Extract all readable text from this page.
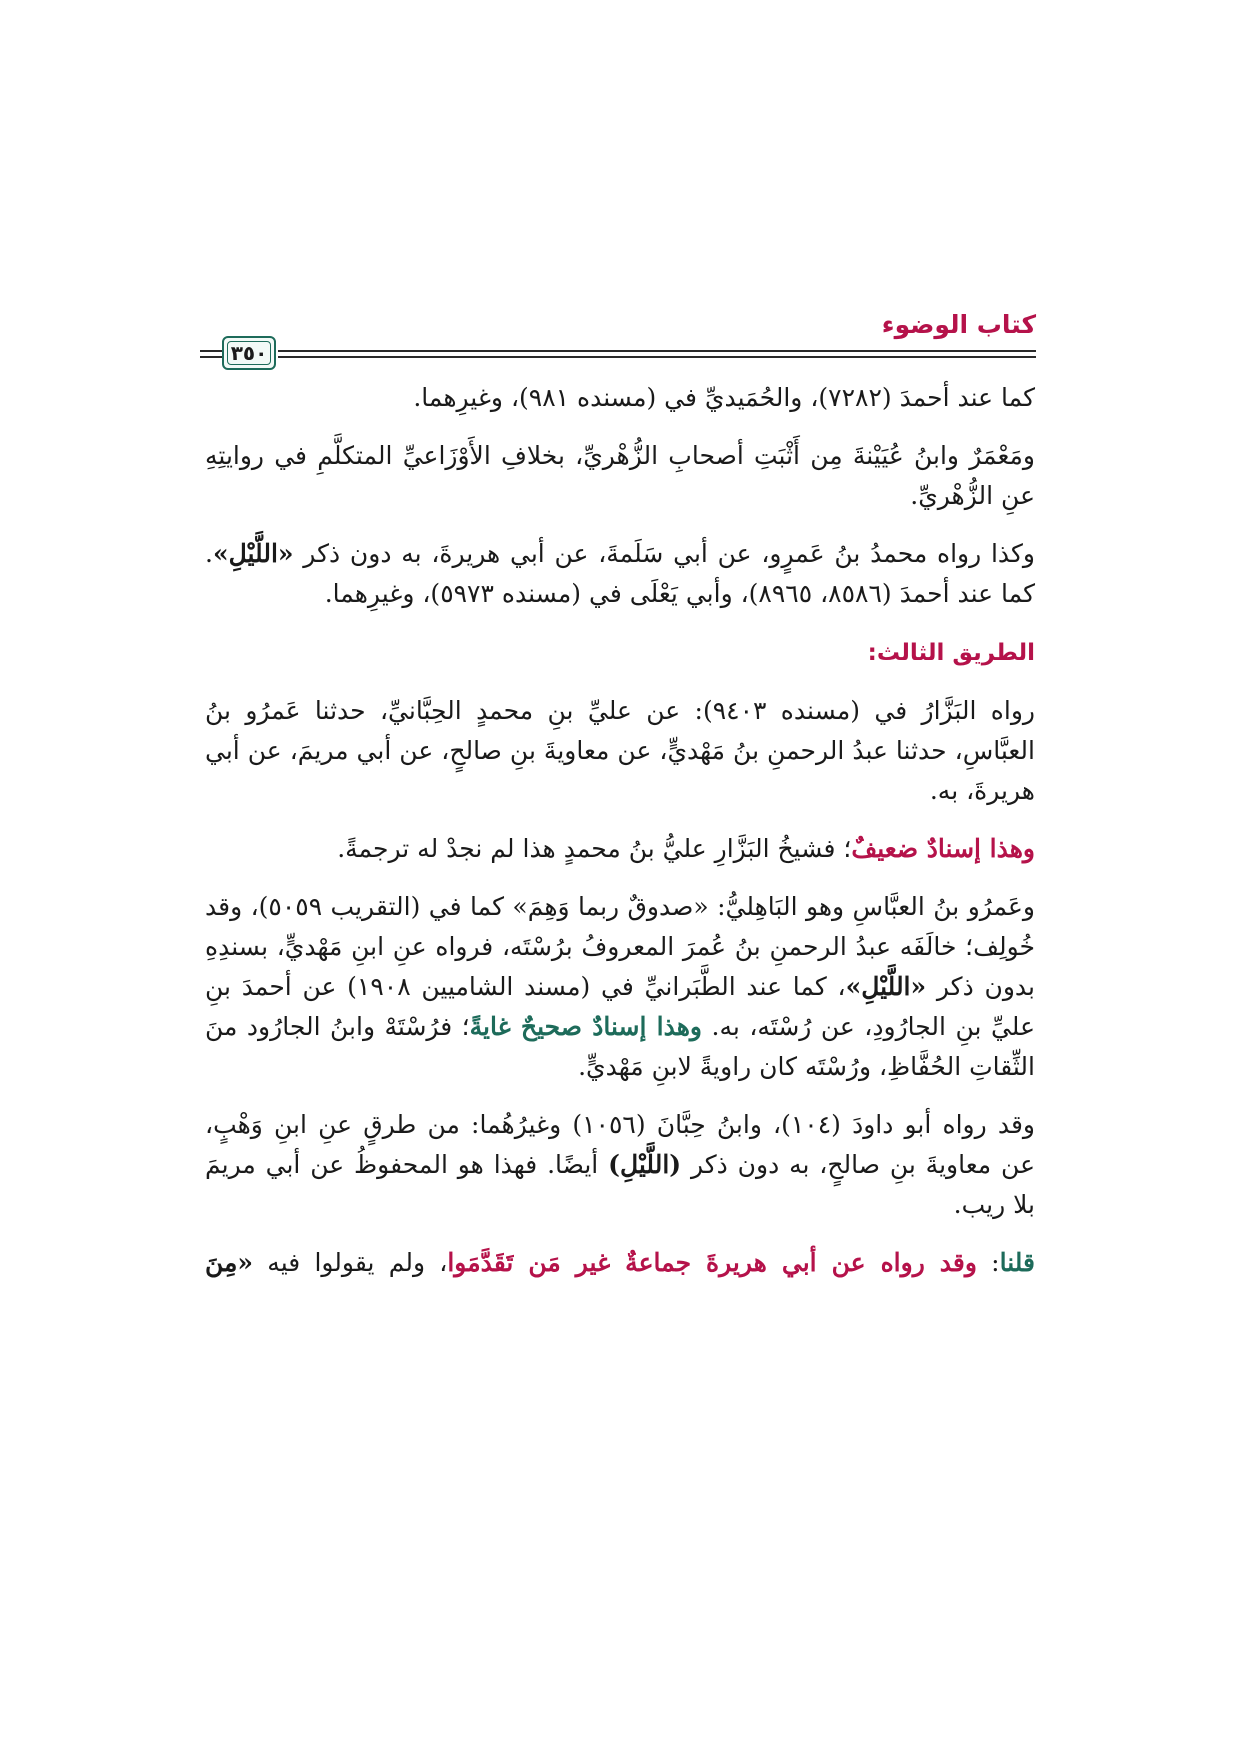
كتاب الوضوء
٣٥٠

كما عند أحمدَ (٧٢٨٢)، والحُمَيديِّ في (مسنده ٩٨١)، وغيرِهما.

ومَعْمَرٌ وابنُ عُيَيْنةَ مِن أَثْبَتِ أصحابِ الزُّهْريِّ، بخلافِ الأَوْزَاعيِّ المتكلَّمِ في روايتِهِ عنِ الزُّهْريِّ.

وكذا رواه محمدُ بنُ عَمرٍو، عن أبي سَلَمةَ، عن أبي هريرةَ، به دون ذكر «اللَّيْلِ». كما عند أحمدَ (٨٥٨٦، ٨٩٦٥)، وأبي يَعْلَى في (مسنده ٥٩٧٣)، وغيرِهما.

الطريق الثالث:

رواه البَزَّارُ في (مسنده ٩٤٠٣): عن عليِّ بنِ محمدٍ الحِبَّانيِّ، حدثنا عَمرُو بنُ العبَّاسِ، حدثنا عبدُ الرحمنِ بنُ مَهْديٍّ، عن معاويةَ بنِ صالحٍ، عن أبي مريمَ، عن أبي هريرةَ، به.

وهذا إسنادٌ ضعيفٌ؛ فشيخُ البَزَّارِ عليُّ بنُ محمدٍ هذا لم نجدْ له ترجمةً.

وعَمرُو بنُ العبَّاسِ وهو البَاهِليُّ: «صدوقٌ ربما وَهِمَ» كما في (التقريب ٥٠٥٩)، وقد خُولِف؛ خالَفَه عبدُ الرحمنِ بنُ عُمرَ المعروفُ برُسْتَه، فرواه عنِ ابنِ مَهْديٍّ، بسندِهِ بدون ذكر «اللَّيْلِ»، كما عند الطَّبَرانيِّ في (مسند الشاميين ١٩٠٨) عن أحمدَ بنِ عليِّ بنِ الجارُودِ، عن رُسْتَه، به. وهذا إسنادٌ صحيحٌ غايةً؛ فرُسْتَهْ وابنُ الجارُود منَ الثِّقاتِ الحُفَّاظِ، ورُسْتَه كان راويةً لابنِ مَهْديٍّ.

وقد رواه أبو داودَ (١٠٤)، وابنُ حِبَّانَ (١٠٥٦) وغيرُهُما: من طرقٍ عنِ ابنِ وَهْبٍ، عن معاويةَ بنِ صالحٍ، به دون ذكر (اللَّيْلِ) أيضًا. فهذا هو المحفوظُ عن أبي مريمَ بلا ريب.

قلنا: وقد رواه عن أبي هريرةَ جماعةٌ غير مَن تَقَدَّمَوا، ولم يقولوا فيه «مِنَ
